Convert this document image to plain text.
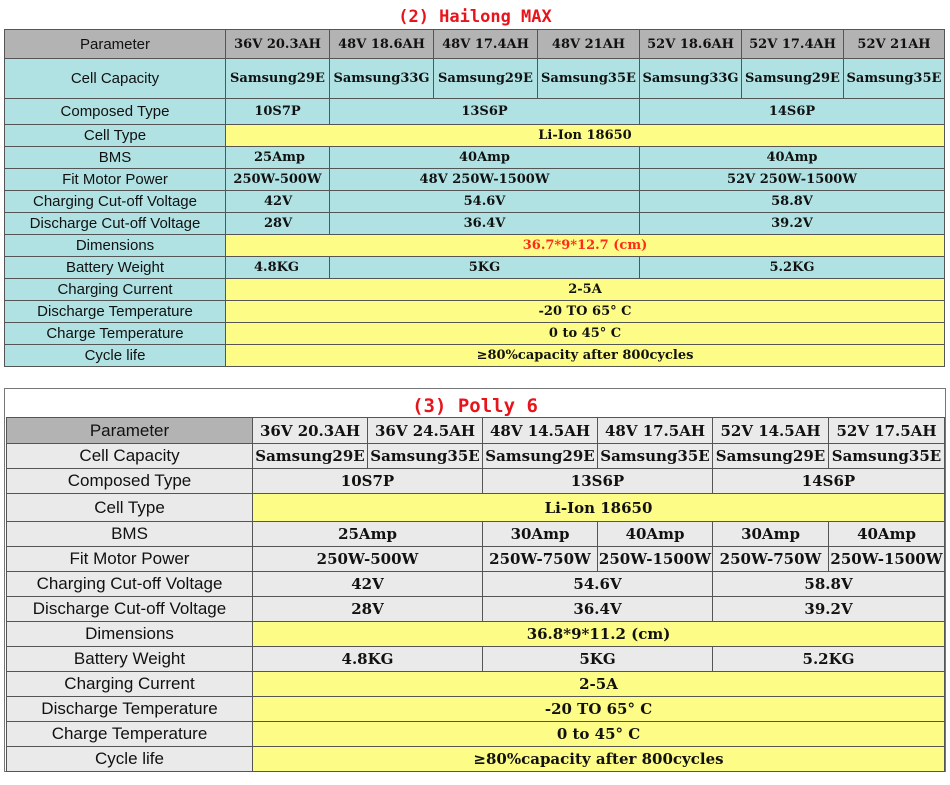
(2) Hailong MAX
Parameter	36V 20.3AH	48V 18.6AH	48V 17.4AH	48V 21AH	52V 18.6AH	52V 17.4AH	52V 21AH
Cell Capacity	Samsung29E	Samsung33G	Samsung29E	Samsung35E	Samsung33G	Samsung29E	Samsung35E
Composed Type	10S7P	13S6P			14S6P		
Cell Type	Li-Ion 18650						
BMS	25Amp	40Amp			40Amp		
Fit Motor Power	250W-500W	48V 250W-1500W			52V 250W-1500W		
Charging Cut-off Voltage	42V	54.6V			58.8V		
Discharge Cut-off Voltage	28V	36.4V			39.2V		
Dimensions	36.7*9*12.7 (cm)						
Battery Weight	4.8KG	5KG			5.2KG		
Charging Current	2-5A						
Discharge Temperature	-20 TO 65° C						
Charge Temperature	0 to 45° C						
Cycle life	≥80%capacity after 800cycles						
(3) Polly 6
Parameter	36V 20.3AH	36V 24.5AH	48V 14.5AH	48V 17.5AH	52V 14.5AH	52V 17.5AH
Cell Capacity	Samsung29E	Samsung35E	Samsung29E	Samsung35E	Samsung29E	Samsung35E
Composed Type	10S7P		13S6P		14S6P	
Cell Type	Li-Ion 18650					
BMS	25Amp		30Amp	40Amp	30Amp	40Amp
Fit Motor Power	250W-500W		250W-750W	250W-1500W	250W-750W	250W-1500W
Charging Cut-off Voltage	42V		54.6V		58.8V	
Discharge Cut-off Voltage	28V		36.4V		39.2V	
Dimensions	36.8*9*11.2 (cm)					
Battery Weight	4.8KG		5KG		5.2KG	
Charging Current	2-5A					
Discharge Temperature	-20 TO 65° C					
Charge Temperature	0 to 45° C					
Cycle life	≥80%capacity after 800cycles					
